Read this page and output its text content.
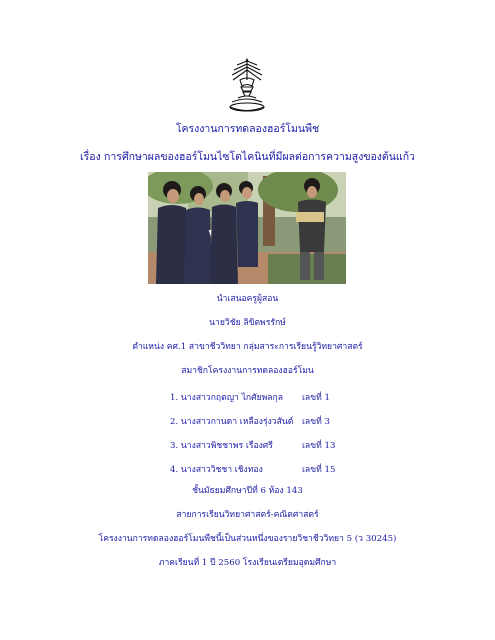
โครงงานการทดลองฮอร์โมนพืช
เรื่อง การศึกษาผลของฮอร์โมนไซโตไคนินที่มีผลต่อการความสูงของต้นแก้ว
นำเสนอครูผู้สอน
นายวิชัย ลิขิตพรรักษ์
ตำแหน่ง คศ.1 สาขาชีววิทยา กลุ่มสาระการเรียนรู้วิทยาศาสตร์
สมาชิกโครงงานการทดลองฮอร์โมน
1. นางสาวกฤตญา ไกศัยพลกุล เลขที่ 1
2. นางสาวกานดา เหลืองรุ่งวสันต์ เลขที่ 3
3. นางสาวพิชชาพร เรืองศรี	เลขที่ 13
4. นางสาววิชชา เชิงทอง	เลขที่ 15
ชั้นมัธยมศึกษาปีที่ 6 ห้อง 143
สายการเรียนวิทยาศาสตร์-คณิตศาสตร์
โครงงานการทดลองฮอร์โมนพืชนี้เป็นส่วนหนึ่งของรายวิชาชีววิทยา 5 (ว 30245)
ภาคเรียนที่ 1 ปี 2560 โรงเรียนเตรียมอุดมศึกษา
